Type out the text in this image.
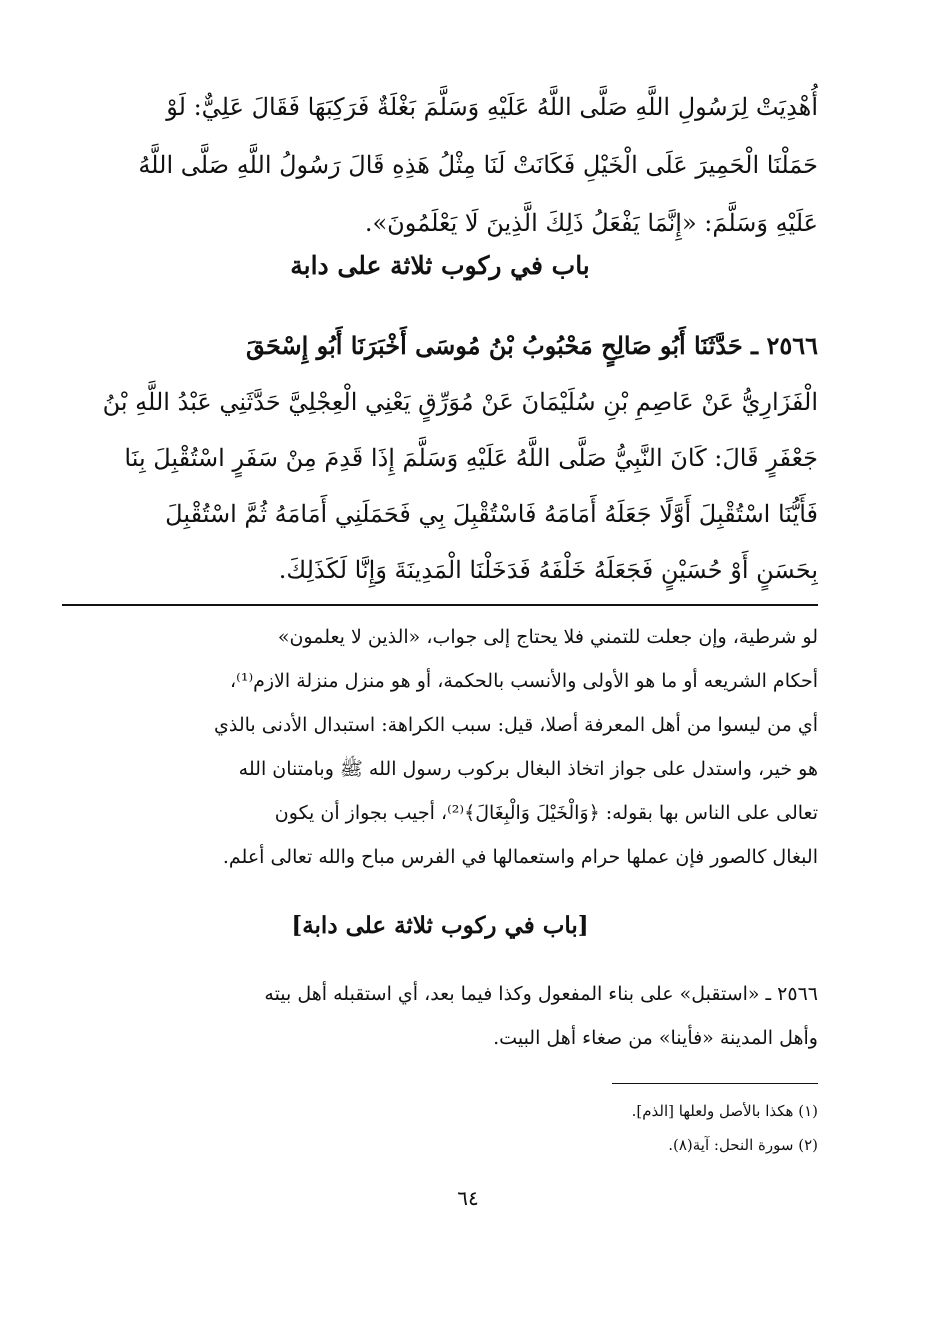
أُهْدِيَتْ لِرَسُولِ اللَّهِ صَلَّى اللَّهُ عَلَيْهِ وَسَلَّمَ بَغْلَةٌ فَرَكِبَهَا فَقَالَ عَلِيٌّ: لَوْ
حَمَلْنَا الْحَمِيرَ عَلَى الْخَيْلِ فَكَانَتْ لَنَا مِثْلُ هَذِهِ قَالَ رَسُولُ اللَّهِ صَلَّى اللَّهُ
عَلَيْهِ وَسَلَّمَ: «إِنَّمَا يَفْعَلُ ذَلِكَ الَّذِينَ لَا يَعْلَمُونَ».
باب في ركوب ثلاثة على دابة
٢٥٦٦ ـ حَدَّثَنَا أَبُو صَالِحٍ مَحْبُوبُ بْنُ مُوسَى أَخْبَرَنَا أَبُو إِسْحَقَ
الْفَزَارِيُّ عَنْ عَاصِمِ بْنِ سُلَيْمَانَ عَنْ مُوَرِّقٍ يَعْنِي الْعِجْلِيَّ حَدَّثَنِي عَبْدُ اللَّهِ بْنُ
جَعْفَرٍ قَالَ: كَانَ النَّبِيُّ صَلَّى اللَّهُ عَلَيْهِ وَسَلَّمَ إِذَا قَدِمَ مِنْ سَفَرٍ اسْتُقْبِلَ بِنَا
فَأَيُّنَا اسْتُقْبِلَ أَوَّلًا جَعَلَهُ أَمَامَهُ فَاسْتُقْبِلَ بِي فَحَمَلَنِي أَمَامَهُ ثُمَّ اسْتُقْبِلَ
بِحَسَنٍ أَوْ حُسَيْنٍ فَجَعَلَهُ خَلْفَهُ فَدَخَلْنَا الْمَدِينَةَ وَإِنَّا لَكَذَلِكَ.
لو شرطية، وإن جعلت للتمني فلا يحتاج إلى جواب، «الذين لا يعلمون»
أحكام الشريعه أو ما هو الأولى والأنسب بالحكمة، أو هو منزل منزلة الازم⁽¹⁾،
أي من ليسوا من أهل المعرفة أصلا، قيل: سبب الكراهة: استبدال الأدنى بالذي
هو خير، واستدل على جواز اتخاذ البغال بركوب رسول الله ﷺ وبامتنان الله
تعالى على الناس بها بقوله: ﴿وَالْخَيْلَ وَالْبِغَالَ﴾⁽²⁾، أجيب بجواز أن يكون
البغال كالصور فإن عملها حرام واستعمالها في الفرس مباح والله تعالى أعلم.
[باب في ركوب ثلاثة على دابة]
٢٥٦٦ ـ «استقبل» على بناء المفعول وكذا فيما بعد، أي استقبله أهل بيته
وأهل المدينة «فأينا» من صغاء أهل البيت.
(١) هكذا بالأصل ولعلها [الذم].
(٢) سورة النحل: آية(٨).
٦٤
